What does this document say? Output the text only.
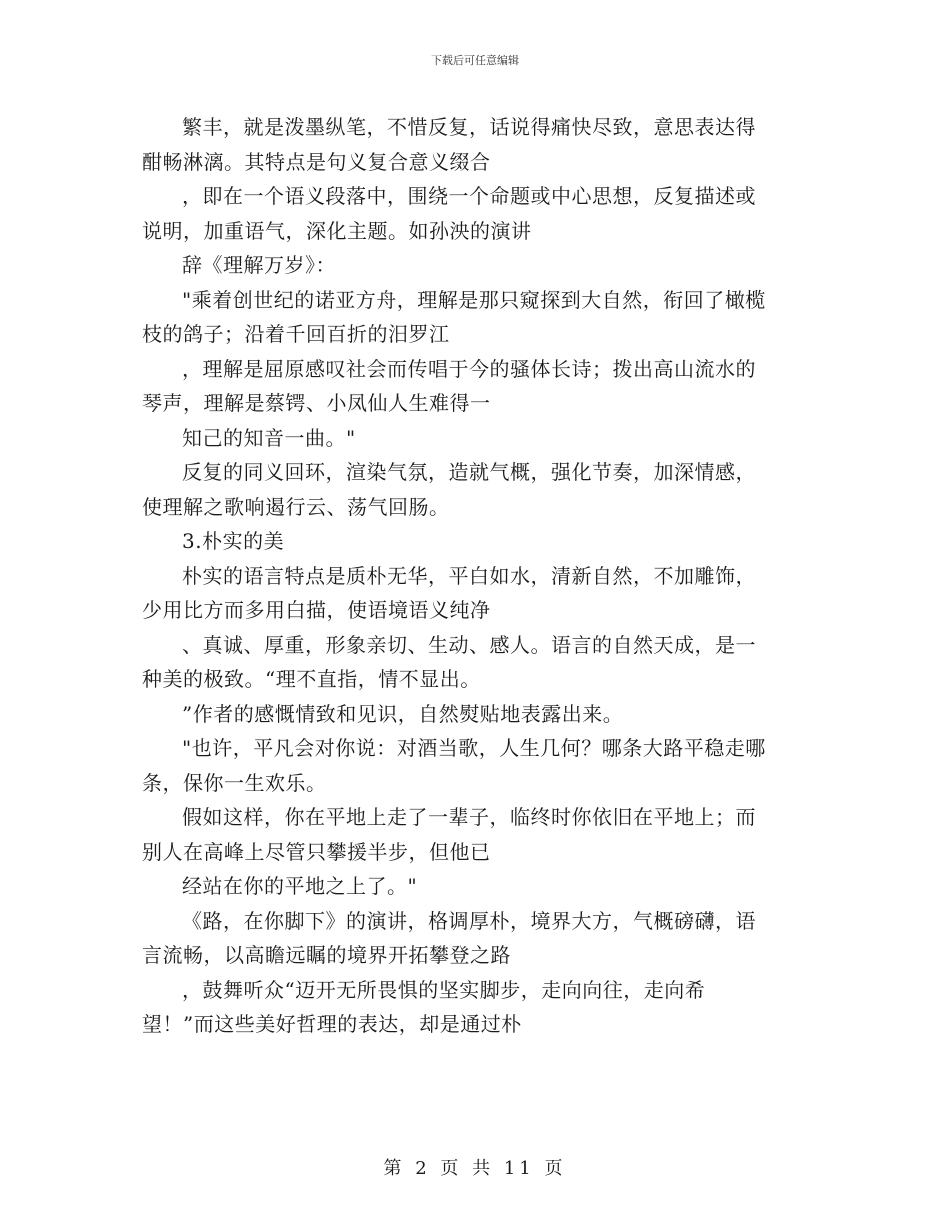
下载后可任意编辑
繁丰，就是泼墨纵笔，不惜反复，话说得痛快尽致，意思表达得
酣畅淋漓。其特点是句义复合意义缀合
，即在一个语义段落中，围绕一个命题或中心思想，反复描述或
说明，加重语气，深化主题。如孙泱的演讲
辞《理解万岁》：
"乘着创世纪的诺亚方舟，理解是那只窥探到大自然，衔回了橄榄
枝的鸽子；沿着千回百折的汨罗江
，理解是屈原感叹社会而传唱于今的骚体长诗；拨出高山流水的
琴声，理解是蔡锷、小凤仙人生难得一
知己的知音一曲。"
反复的同义回环，渲染气氛，造就气概，强化节奏，加深情感，
使理解之歌响遏行云、荡气回肠。
3.朴实的美
朴实的语言特点是质朴无华，平白如水，清新自然，不加雕饰，
少用比方而多用白描，使语境语义纯净
、真诚、厚重，形象亲切、生动、感人。语言的自然天成，是一
种美的极致。“理不直指，情不显出。
”作者的感慨情致和见识，自然熨贴地表露出来。
"也许，平凡会对你说：对酒当歌，人生几何？哪条大路平稳走哪
条，保你一生欢乐。
假如这样，你在平地上走了一辈子，临终时你依旧在平地上；而
别人在高峰上尽管只攀援半步，但他已
经站在你的平地之上了。"
《路，在你脚下》的演讲，格调厚朴，境界大方，气概磅礴，语
言流畅，以高瞻远瞩的境界开拓攀登之路
，鼓舞听众“迈开无所畏惧的坚实脚步，走向向往，走向希
望！”而这些美好哲理的表达，却是通过朴
第 2 页 共 11 页
